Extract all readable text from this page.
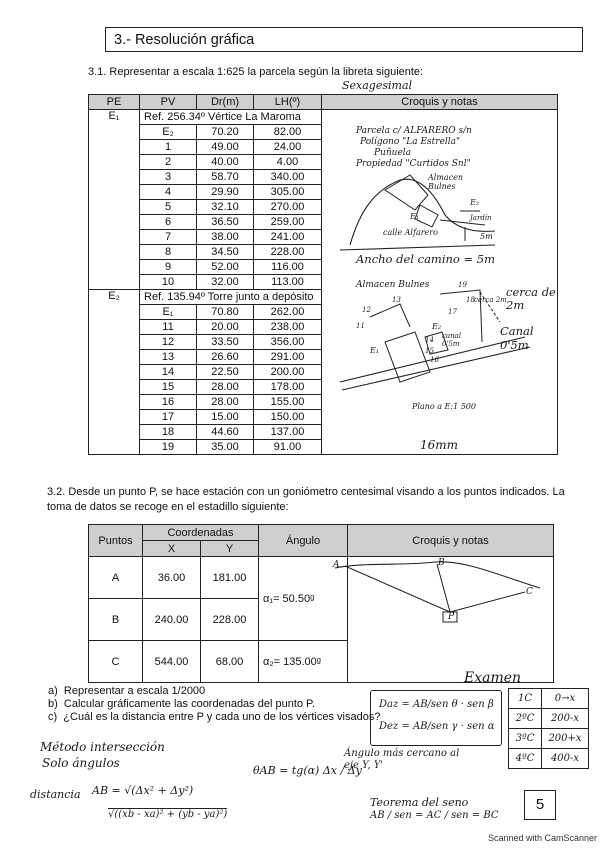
3.- Resolución gráfica
3.1. Representar a escala 1:625 la parcela según la libreta siguiente:
Sexagesimal
PE	PV	Dr(m)	LH(º)	Croquis y notas
E₁	Ref. 256.34º Vértice La Maroma			
	E₂	70.20	82.00	
	1	49.00	24.00	
	2	40.00	4.00	
	3	58.70	340.00	
	4	29.90	305.00	
	5	32.10	270.00	
	6	36.50	259.00	
	7	38.00	241.00	
	8	34.50	228.00	
	9	52.00	116.00	
	10	32.00	113.00	
E₂	Ref. 135.94º Torre junto a depósito			
	E₁	70.80	262.00	
	11	20.00	238.00	
	12	33.50	356.00	
	13	26.60	291.00	
	14	22.50	200.00	
	15	28.00	178.00	
	16	28.00	155.00	
	17	15.00	150.00	
	18	44.60	137.00	
	19	35.00	91.00	
Parcela c/ ALFARERO s/n
Polígono "La Estrella"
Puñuela
Propiedad "Curtidos Snl"
Almacen Bulnes
E₁
E₂
Jardín
5m
calle Alfarero
Ancho del camino = 5m
Almacen Bulnes	cerca de 2m
Canal 0'5m
cerca 2m
canal 0'5m
13
12
11
14
15
16
17
18
19
E₁
E₂
Plano a E:1 500
16mm
3.2. Desde un punto P, se hace estación con un goniómetro centesimal visando a los puntos indicados. La toma de datos se recoge en el estadillo siguiente:
Puntos	Coordenadas		Ángulo	Croquis y notas
	X	Y		
A	36.00	181.00	α₁= 50.50ᵍ	
B	240.00	228.00		
C	544.00	68.00	α₂= 135.00ᵍ	
A	B
C
P
a) Representar a escala 1/2000
b) Calcular gráficamente las coordenadas del punto P.
c) ¿Cuál es la distancia entre P y cada uno de los vértices visados?
Examen
Método intersección
Solo ángulos
distancia AB = √(Δx² + Δy²)
√((xb - xa)² + (yb - ya)²)
θAB = tg(α) Δx / Δy
Ángulo más cercano al eje Y, Y'
Teorema del seno
AB / sen = AC / sen = BC
Daz = AB/sen θ · sen β
Dez = AB/sen γ · sen α
1C	0→x
2ºC	200-x
3ºC	200+x
4ºC	400-x
5
Scanned with CamScanner
